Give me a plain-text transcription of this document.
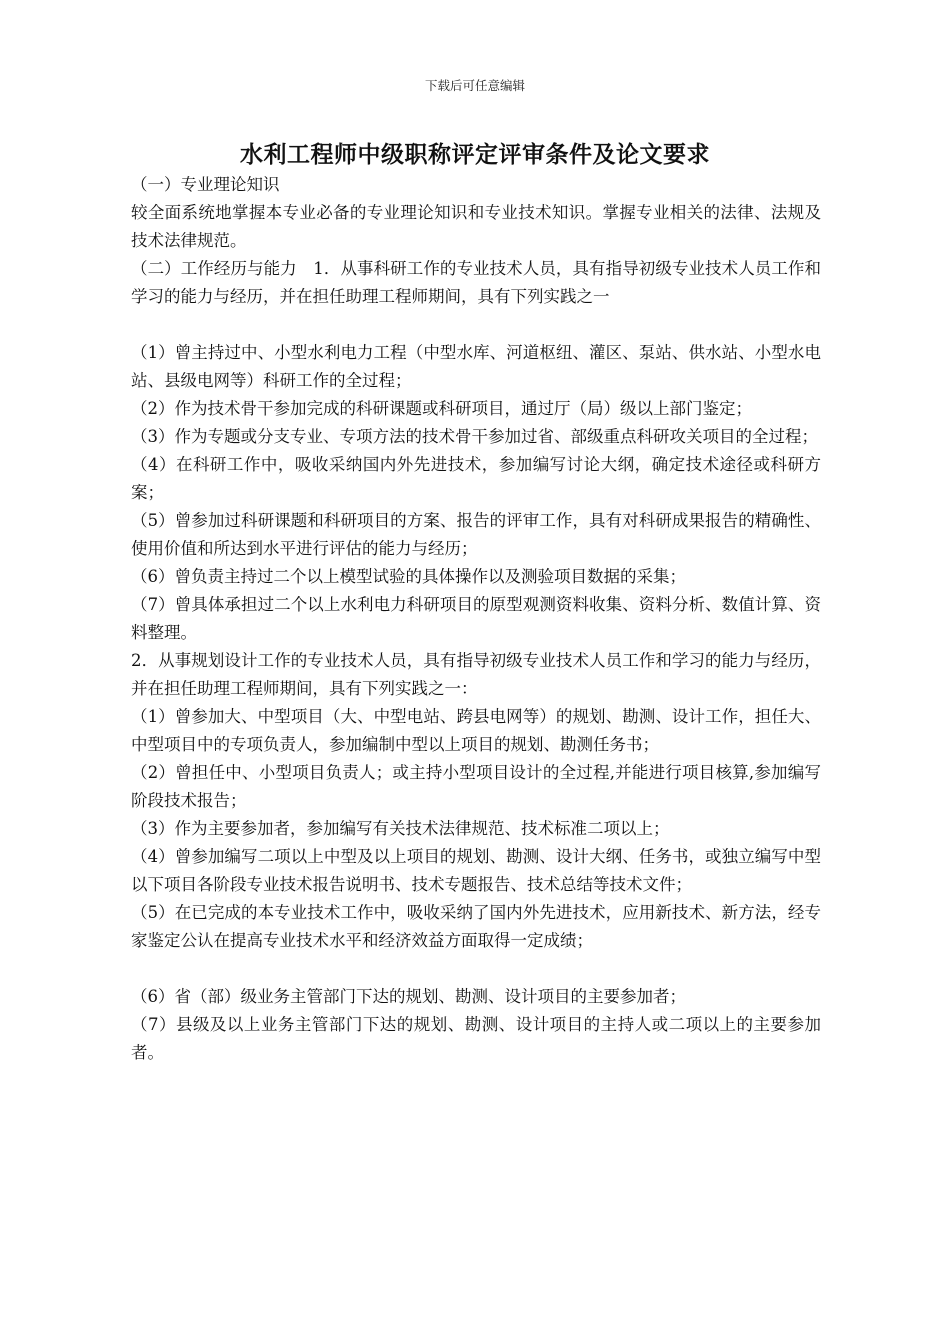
下载后可任意编辑
水利工程师中级职称评定评审条件及论文要求

（一）专业理论知识

较全面系统地掌握本专业必备的专业理论知识和专业技术知识。掌握专业相关的法律、法规及技术法律规范。

（二）工作经历与能力　1．从事科研工作的专业技术人员，具有指导初级专业技术人员工作和学习的能力与经历，并在担任助理工程师期间，具有下列实践之一

（1）曾主持过中、小型水利电力工程（中型水库、河道枢纽、灌区、泵站、供水站、小型水电站、县级电网等）科研工作的全过程；

（2）作为技术骨干参加完成的科研课题或科研项目，通过厅（局）级以上部门鉴定；

（3）作为专题或分支专业、专项方法的技术骨干参加过省、部级重点科研攻关项目的全过程；

（4）在科研工作中，吸收采纳国内外先进技术，参加编写讨论大纲，确定技术途径或科研方案；

（5）曾参加过科研课题和科研项目的方案、报告的评审工作，具有对科研成果报告的精确性、使用价值和所达到水平进行评估的能力与经历；

（6）曾负责主持过二个以上模型试验的具体操作以及测验项目数据的采集；

（7）曾具体承担过二个以上水利电力科研项目的原型观测资料收集、资料分析、数值计算、资料整理。

2．从事规划设计工作的专业技术人员，具有指导初级专业技术人员工作和学习的能力与经历，并在担任助理工程师期间，具有下列实践之一：

（1）曾参加大、中型项目（大、中型电站、跨县电网等）的规划、勘测、设计工作，担任大、中型项目中的专项负责人，参加编制中型以上项目的规划、勘测任务书；

（2）曾担任中、小型项目负责人；或主持小型项目设计的全过程,并能进行项目核算,参加编写阶段技术报告；

（3）作为主要参加者，参加编写有关技术法律规范、技术标准二项以上；

（4）曾参加编写二项以上中型及以上项目的规划、勘测、设计大纲、任务书，或独立编写中型以下项目各阶段专业技术报告说明书、技术专题报告、技术总结等技术文件；

（5）在已完成的本专业技术工作中，吸收采纳了国内外先进技术，应用新技术、新方法，经专家鉴定公认在提高专业技术水平和经济效益方面取得一定成绩；

（6）省（部）级业务主管部门下达的规划、勘测、设计项目的主要参加者；

（7）县级及以上业务主管部门下达的规划、勘测、设计项目的主持人或二项以上的主要参加者。
